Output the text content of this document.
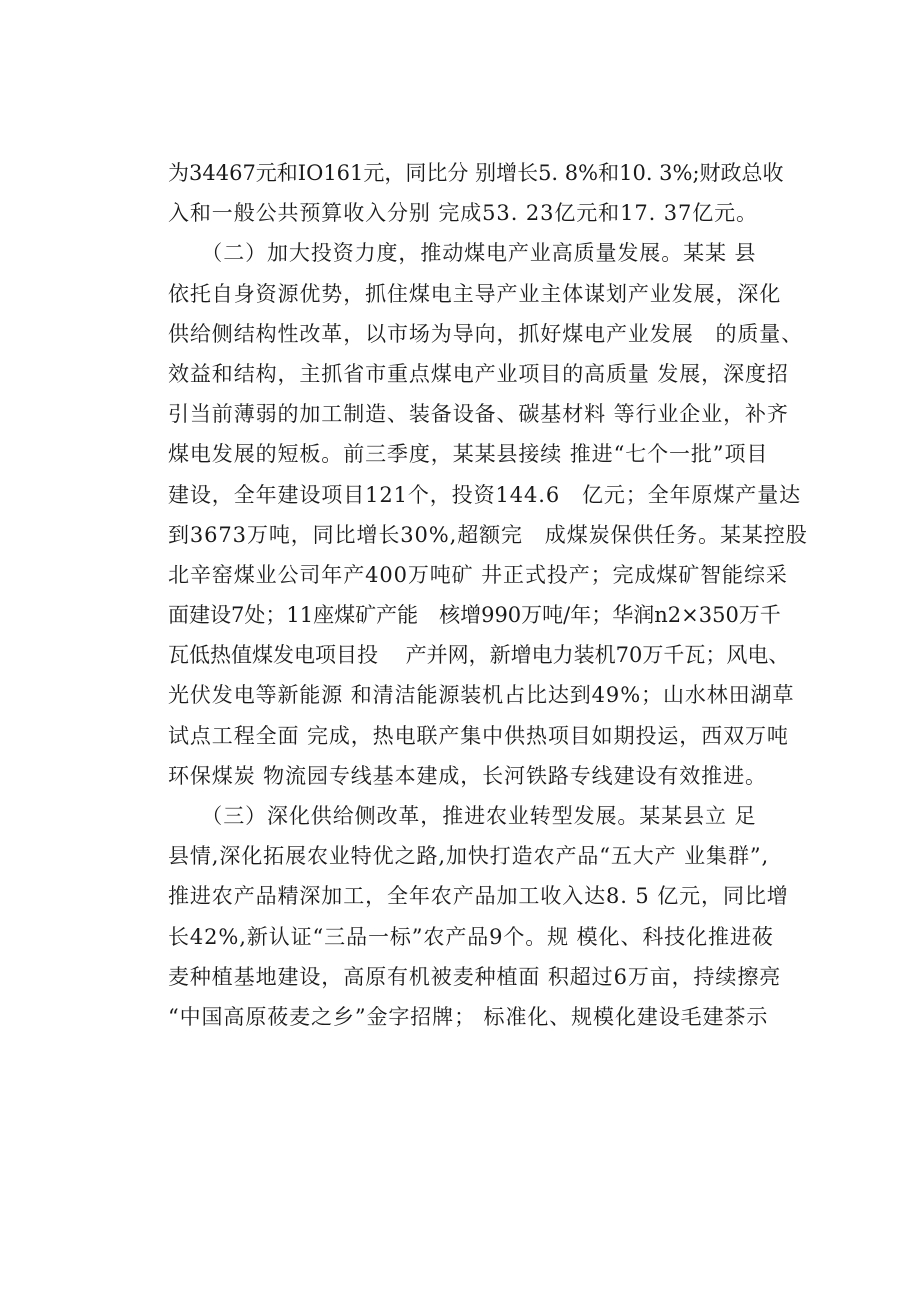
为34467元和IO161元，同比分 别增长5. 8%和10. 3%;财政总收
入和一般公共预算收入分别 完成53. 23亿元和17. 37亿元。
　　（二）加大投资力度，推动煤电产业高质量发展。某某 县
依托自身资源优势，抓住煤电主导产业主体谋划产业发展，深化
供给侧结构性改革，以市场为导向，抓好煤电产业发展　的质量、
效益和结构，主抓省市重点煤电产业项目的高质量 发展，深度招
引当前薄弱的加工制造、装备设备、碳基材料 等行业企业，补齐
煤电发展的短板。前三季度，某某县接续 推进“七个一批”项目
建设，全年建设项目121个，投资144.6　亿元；全年原煤产量达
到3673万吨，同比增长30%,超额完　成煤炭保供任务。某某控股
北辛窑煤业公司年产400万吨矿 井正式投产；完成煤矿智能综采
面建设7处；11座煤矿产能　核增990万吨/年；华润n2×350万千
瓦低热值煤发电项目投　 产并网，新增电力装机70万千瓦；风电、
光伏发电等新能源 和清洁能源装机占比达到49%；山水林田湖草
试点工程全面 完成，热电联产集中供热项目如期投运，西双万吨
环保煤炭 物流园专线基本建成，长河铁路专线建设有效推进。
　　（三）深化供给侧改革，推进农业转型发展。某某县立 足
县情,深化拓展农业特优之路,加快打造农产品“五大产 业集群”,
推进农产品精深加工，全年农产品加工收入达8. 5 亿元，同比增
长42%,新认证“三品一标”农产品9个。规 模化、科技化推进莜
麦种植基地建设，高原有机被麦种植面 积超过6万亩，持续擦亮
“中国高原莜麦之乡”金字招牌； 标准化、规模化建设毛建茶示
